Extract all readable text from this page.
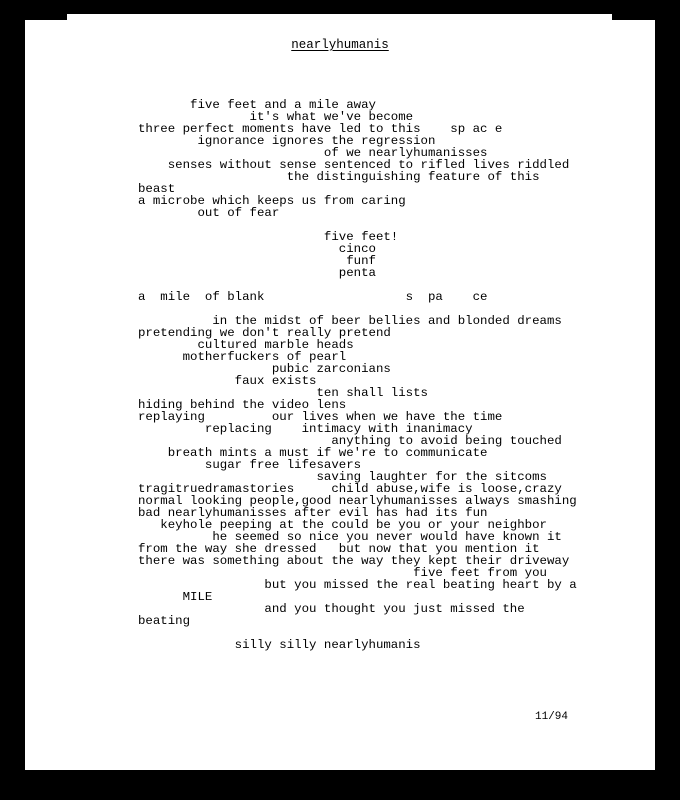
nearlyhumanis
five feet and a mile away
it's what we've become
three perfect moments have led to this    sp ac e
ignorance ignores the regression
of we nearlyhumanisses
senses without sense sentenced to rifled lives riddled
the distinguishing feature of this
beast
a microbe which keeps us from caring
out of fear

five feet!
cinco
funf
penta

a  mile  of blank                   s  pa    ce

in the midst of beer bellies and blonded dreams
pretending we don't really pretend
cultured marble heads
motherfuckers of pearl
pubic zarconians
faux exists
ten shall lists
hiding behind the video lens
replaying         our lives when we have the time
replacing    intimacy with inanimacy
anything to avoid being touched
breath mints a must if we're to communicate
sugar free lifesavers
saving laughter for the sitcoms
tragitruedramastories     child abuse,wife is loose,crazy
normal looking people,good nearlyhumanisses always smashing
bad nearlyhumanisses after evil has had its fun
keyhole peeping at the could be you or your neighbor
he seemed so nice you never would have known it
from the way she dressed   but now that you mention it
there was something about the way they kept their driveway
five feet from you
but you missed the real beating heart by a
MILE
and you thought you just missed the
beating

silly silly nearlyhumanis
11/94
